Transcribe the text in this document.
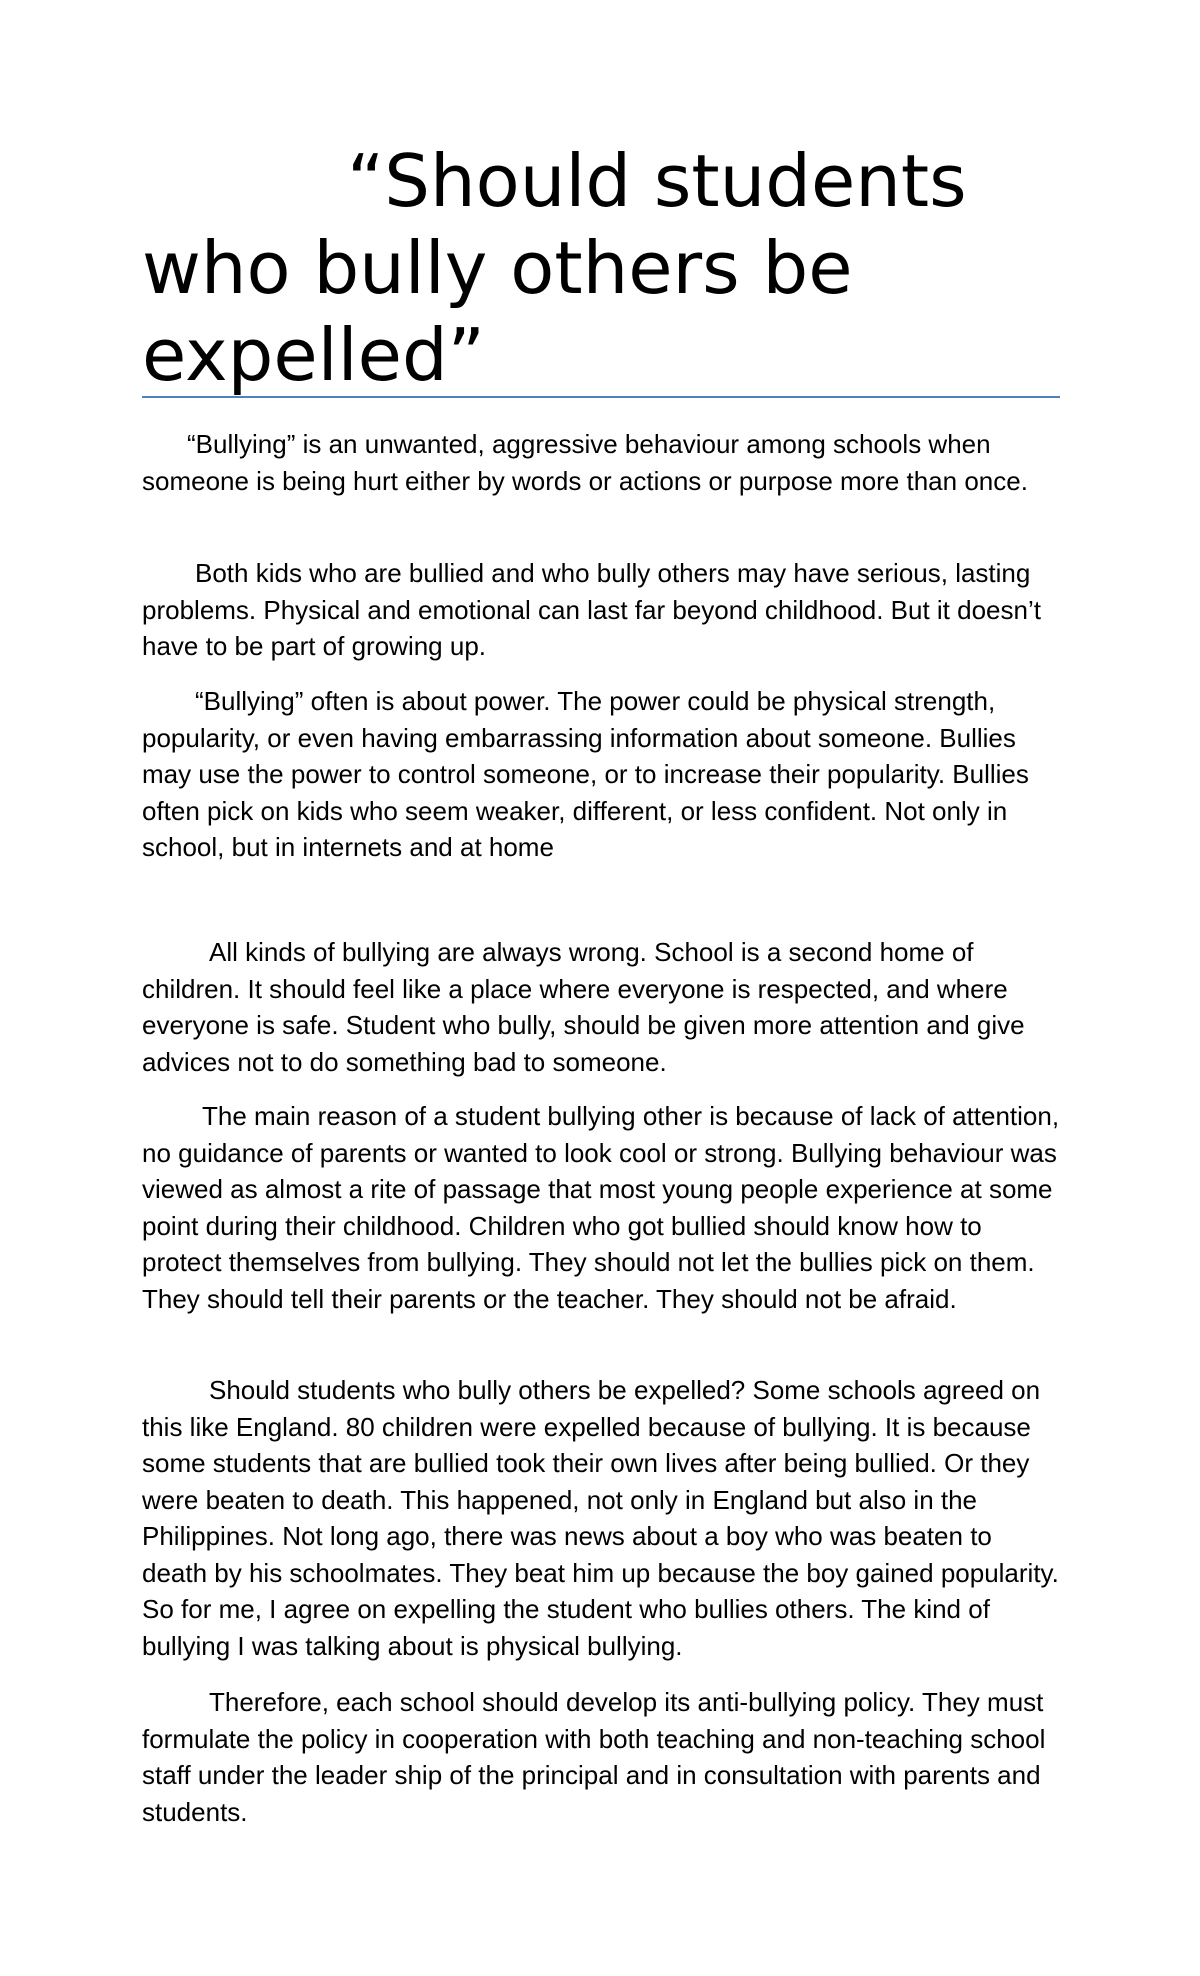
“Should students who bully others be expelled”

“Bullying” is an unwanted, aggressive behaviour among schools when someone is being hurt either by words or actions or purpose more than once.

Both kids who are bullied and who bully others may have serious, lasting problems. Physical and emotional can last far beyond childhood. But it doesn’t have to be part of growing up.

“Bullying” often is about power. The power could be physical strength, popularity, or even having embarrassing information about someone. Bullies may use the power to control someone, or to increase their popularity. Bullies often pick on kids who seem weaker, different, or less confident. Not only in school, but in internets and at home

All kinds of bullying are always wrong. School is a second home of children. It should feel like a place where everyone is respected, and where everyone is safe. Student who bully, should be given more attention and give advices not to do something bad to someone.

The main reason of a student bullying other is because of lack of attention, no guidance of parents or wanted to look cool or strong. Bullying behaviour was viewed as almost a rite of passage that most young people experience at some point during their childhood. Children who got bullied should know how to protect themselves from bullying. They should not let the bullies pick on them. They should tell their parents or the teacher. They should not be afraid.

Should students who bully others be expelled? Some schools agreed on this like England. 80 children were expelled because of bullying. It is because some students that are bullied took their own lives after being bullied. Or they were beaten to death. This happened, not only in England but also in the Philippines. Not long ago, there was news about a boy who was beaten to death by his schoolmates. They beat him up because the boy gained popularity. So for me, I agree on expelling the student who bullies others. The kind of bullying I was talking about is physical bullying.

Therefore, each school should develop its anti-bullying policy. They must formulate the policy in cooperation with both teaching and non-teaching school staff under the leader ship of the principal and in consultation with parents and students.
